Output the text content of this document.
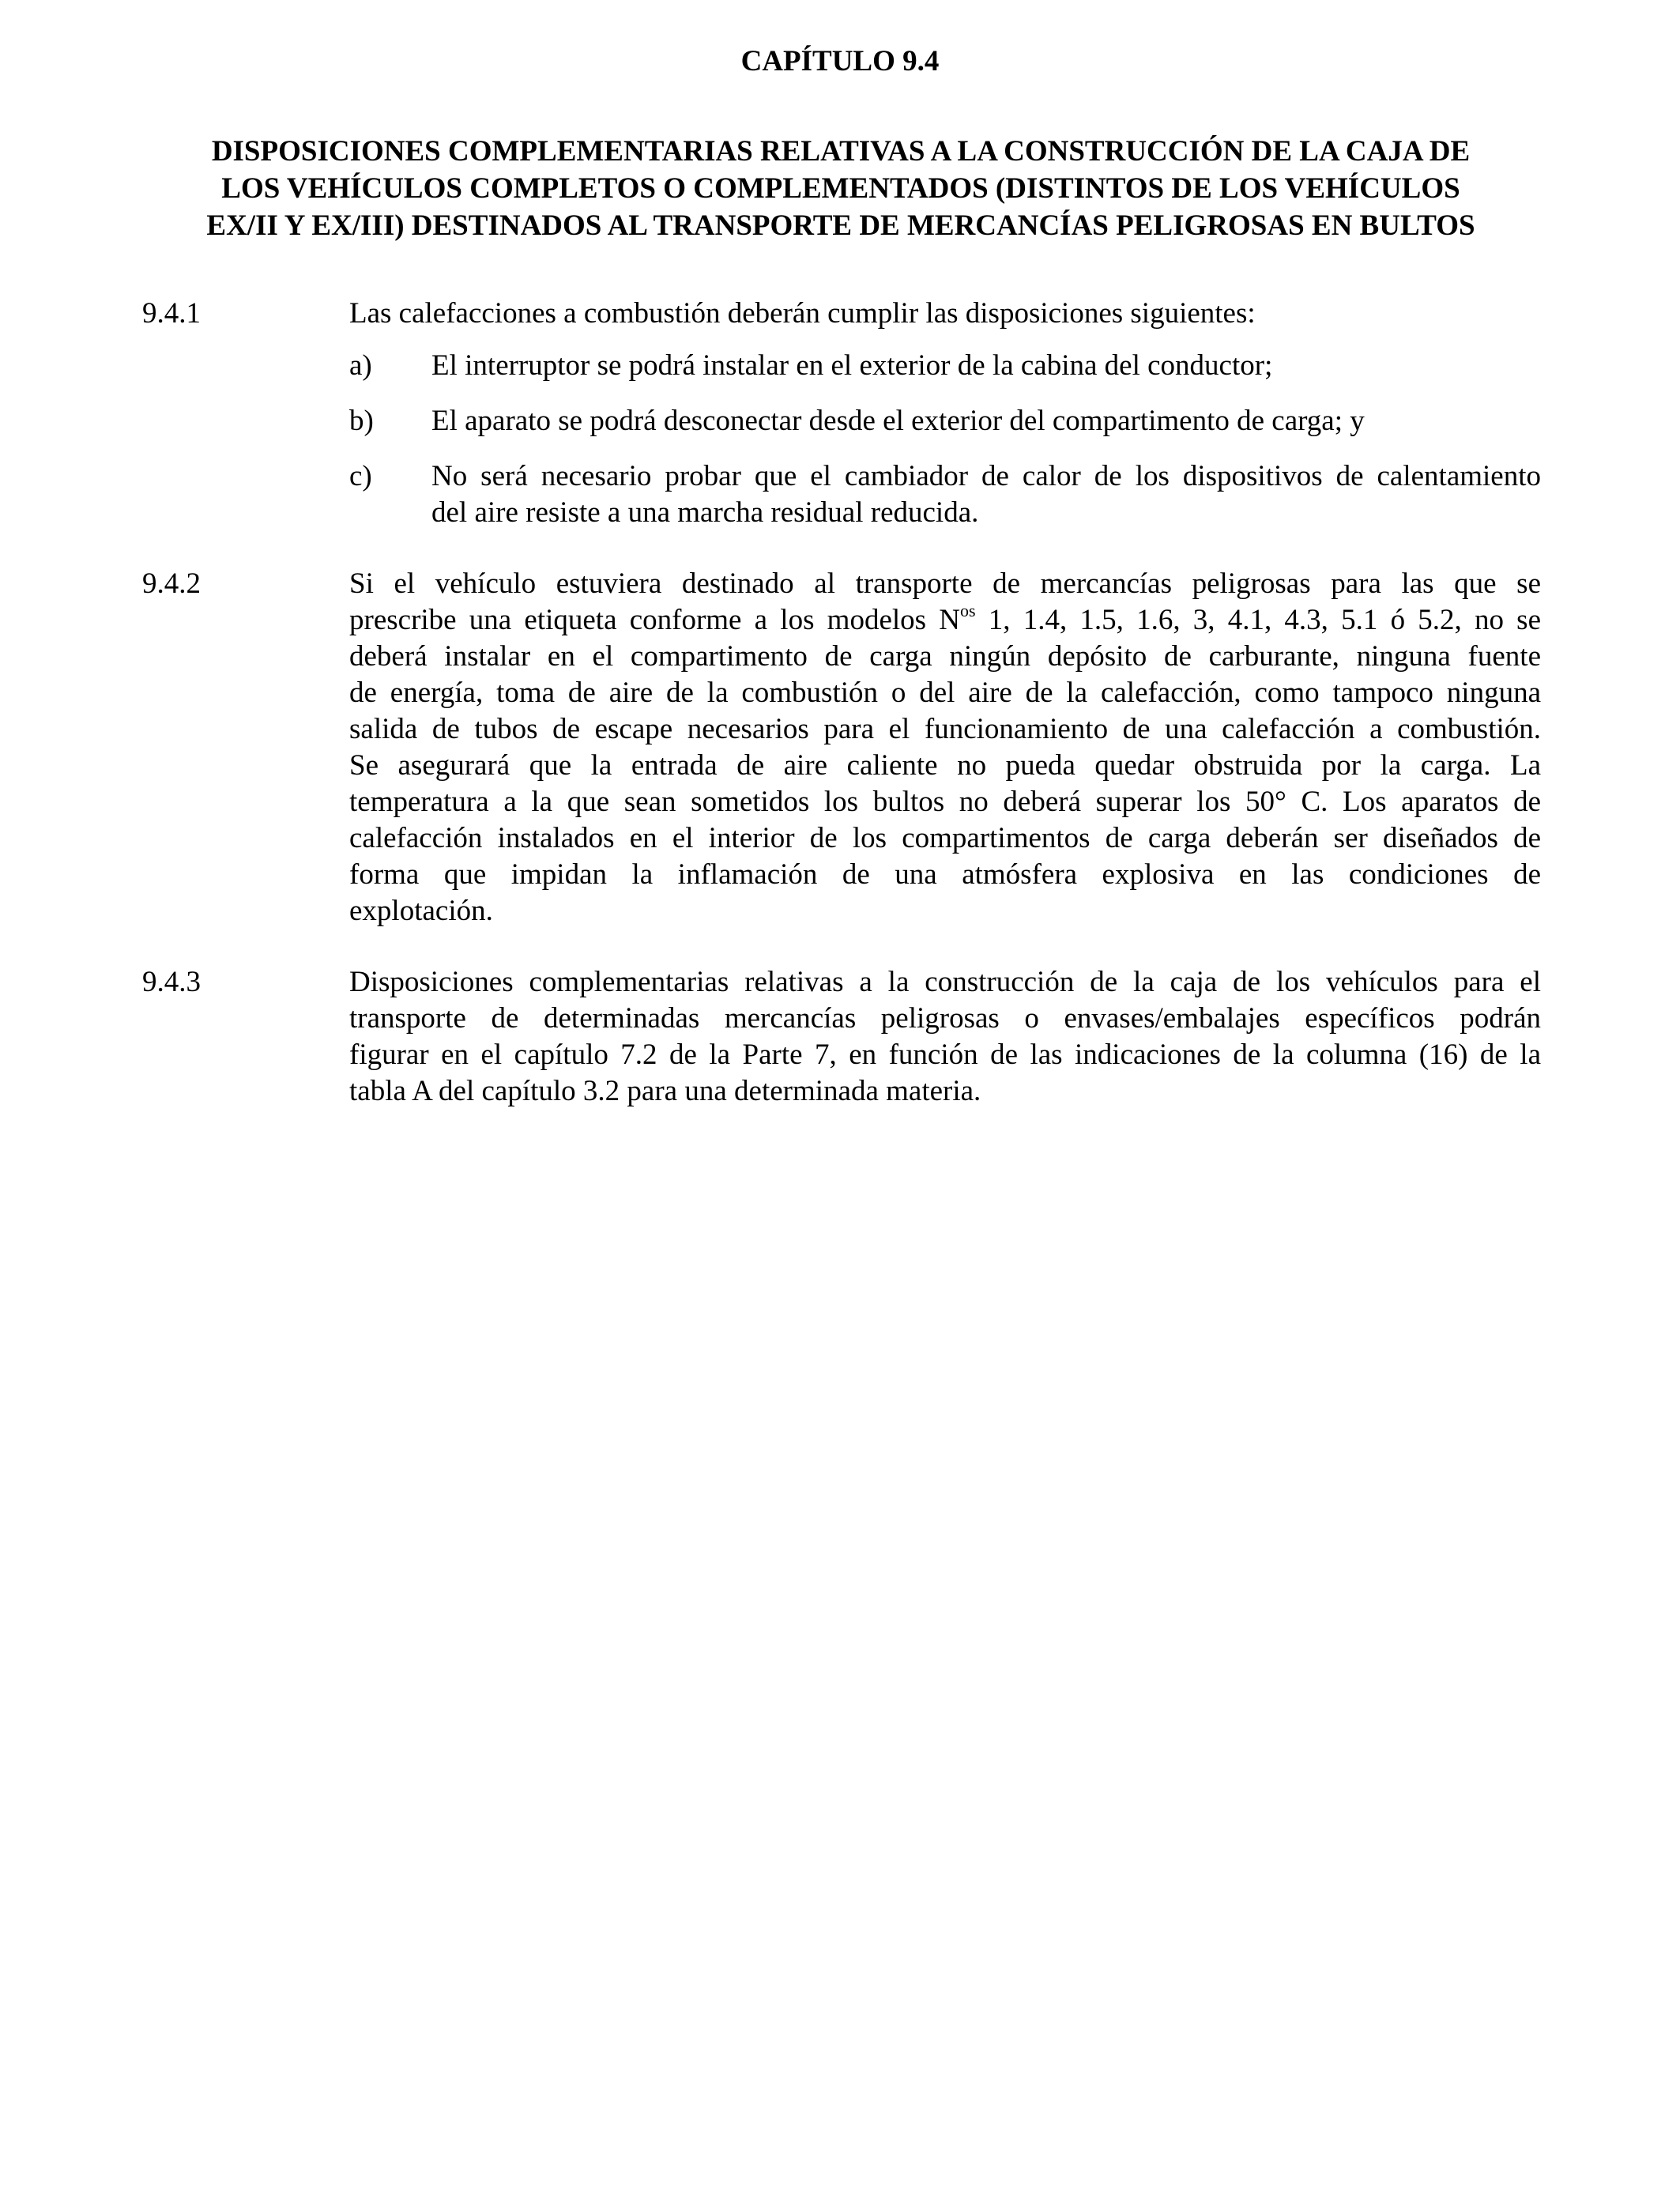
CAPÍTULO 9.4
DISPOSICIONES COMPLEMENTARIAS RELATIVAS A LA CONSTRUCCIÓN DE LA CAJA DE
LOS VEHÍCULOS COMPLETOS O COMPLEMENTADOS (DISTINTOS DE LOS VEHÍCULOS
EX/II Y EX/III) DESTINADOS AL TRANSPORTE DE MERCANCÍAS PELIGROSAS EN BULTOS
9.4.1	Las calefacciones a combustión deberán cumplir las disposiciones siguientes:
a) El interruptor se podrá instalar en el exterior de la cabina del conductor;
b) El aparato se podrá desconectar desde el exterior del compartimento de carga; y
c) No será necesario probar que el cambiador de calor de los dispositivos de calentamiento
del aire resiste a una marcha residual reducida.
9.4.2	Si el vehículo estuviera destinado al transporte de mercancías peligrosas para las que se
prescribe una etiqueta conforme a los modelos $N^{os}$ 1, 1.4, 1.5, 1.6, 3, 4.1, 4.3, 5.1 ó 5.2, no se
deberá instalar en el compartimento de carga ningún depósito de carburante, ninguna fuente
de energía, toma de aire de la combustión o del aire de la calefacción, como tampoco ninguna
salida de tubos de escape necesarios para el funcionamiento de una calefacción a combustión.
Se asegurará que la entrada de aire caliente no pueda quedar obstruida por la carga. La
temperatura a la que sean sometidos los bultos no deberá superar los 50° C. Los aparatos de
calefacción instalados en el interior de los compartimentos de carga deberán ser diseñados de
forma que impidan la inflamación de una atmósfera explosiva en las condiciones de
explotación.
9.4.3	Disposiciones complementarias relativas a la construcción de la caja de los vehículos para el
transporte de determinadas mercancías peligrosas o envases/embalajes específicos podrán
figurar en el capítulo 7.2 de la Parte 7, en función de las indicaciones de la columna (16) de la
tabla A del capítulo 3.2 para una determinada materia.
